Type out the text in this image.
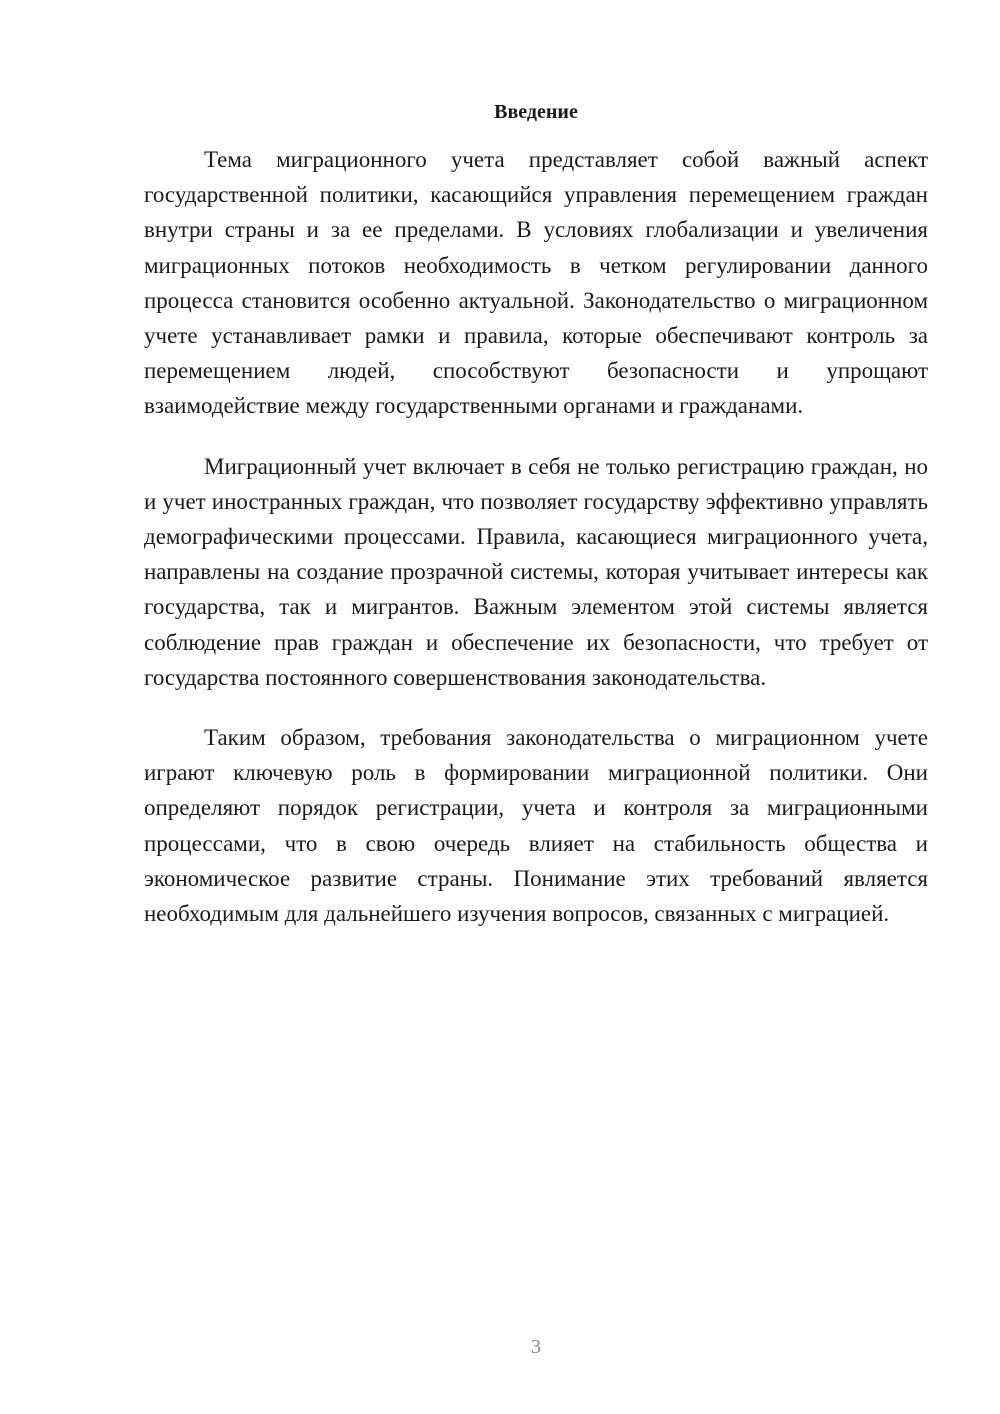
Введение

Тема миграционного учета представляет собой важный аспект государственной политики, касающийся управления перемещением граждан внутри страны и за ее пределами. В условиях глобализации и увеличения миграционных потоков необходимость в четком регулировании данного процесса становится особенно актуальной. Законодательство о миграционном учете устанавливает рамки и правила, которые обеспечивают контроль за перемещением людей, способствуют безопасности и упрощают взаимодействие между государственными органами и гражданами.

Миграционный учет включает в себя не только регистрацию граждан, но и учет иностранных граждан, что позволяет государству эффективно управлять демографическими процессами. Правила, касающиеся миграционного учета, направлены на создание прозрачной системы, которая учитывает интересы как государства, так и мигрантов. Важным элементом этой системы является соблюдение прав граждан и обеспечение их безопасности, что требует от государства постоянного совершенствования законодательства.

Таким образом, требования законодательства о миграционном учете играют ключевую роль в формировании миграционной политики. Они определяют порядок регистрации, учета и контроля за миграционными процессами, что в свою очередь влияет на стабильность общества и экономическое развитие страны. Понимание этих требований является необходимым для дальнейшего изучения вопросов, связанных с миграцией.

3
